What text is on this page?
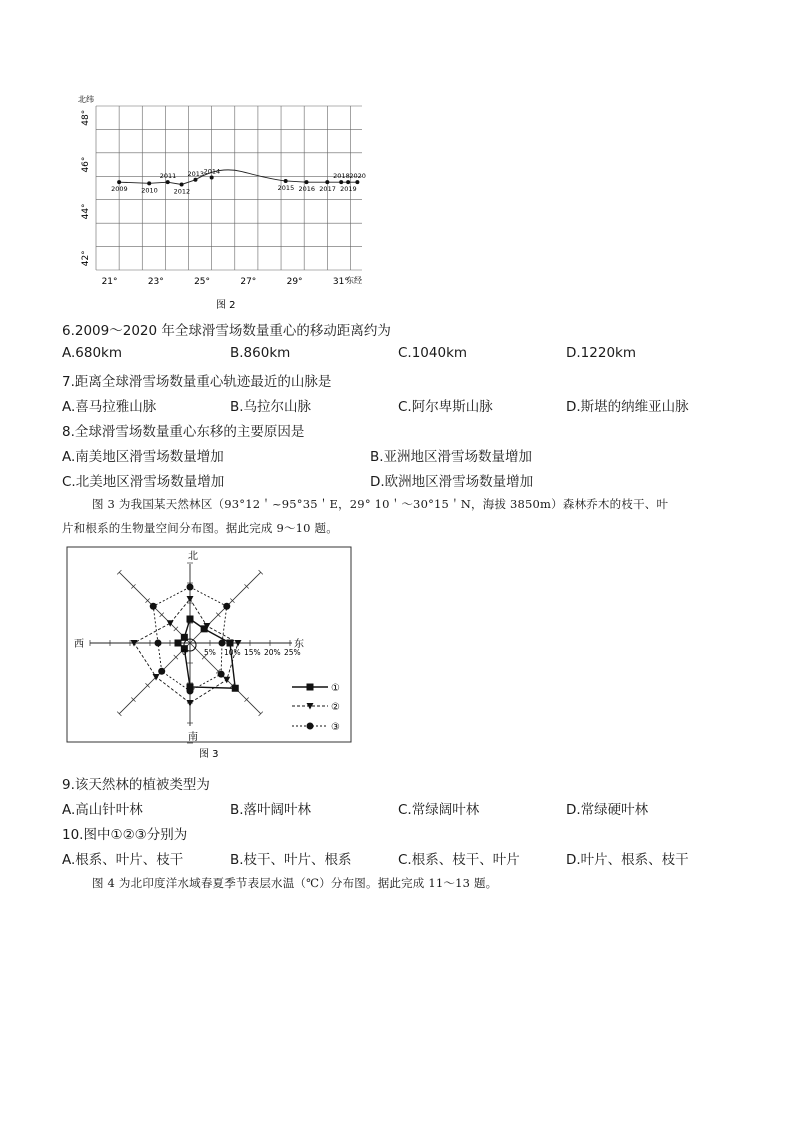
北纬
48°
46°
44°
42°
21°	23°	25°	27°	29°	31°
东经
2009 2010
2011
2012
2013 2014
2015 2016 2017
2018
2019
2020
图 2
6.2009～2020 年全球滑雪场数量重心的移动距离约为
A.680km	B.860km	C.1040km	D.1220km
7.距离全球滑雪场数量重心轨迹最近的山脉是
A.喜马拉雅山脉	B.乌拉尔山脉	C.阿尔卑斯山脉	D.斯堪的纳维亚山脉
8.全球滑雪场数量重心东移的主要原因是
A.南美地区滑雪场数量增加	B.亚洲地区滑雪场数量增加
C.北美地区滑雪场数量增加	D.欧洲地区滑雪场数量增加
图 3 为我国某天然林区（93°12＇~95°35＇E，29° 10＇～30°15＇N，海拔 3850m）森林乔木的枝干、叶
片和根系的生物量空间分布图。据此完成 9～10 题。
北
南
东
西
0 5% 10% 15% 20% 25%
①
②
③
图 3
9.该天然林的植被类型为
A.高山针叶林	B.落叶阔叶林	C.常绿阔叶林	D.常绿硬叶林
10.图中①②③分别为
A.根系、叶片、枝干	B.枝干、叶片、根系	C.根系、枝干、叶片	D.叶片、根系、枝干
图 4 为北印度洋水域春夏季节表层水温（℃）分布图。据此完成 11～13 题。
